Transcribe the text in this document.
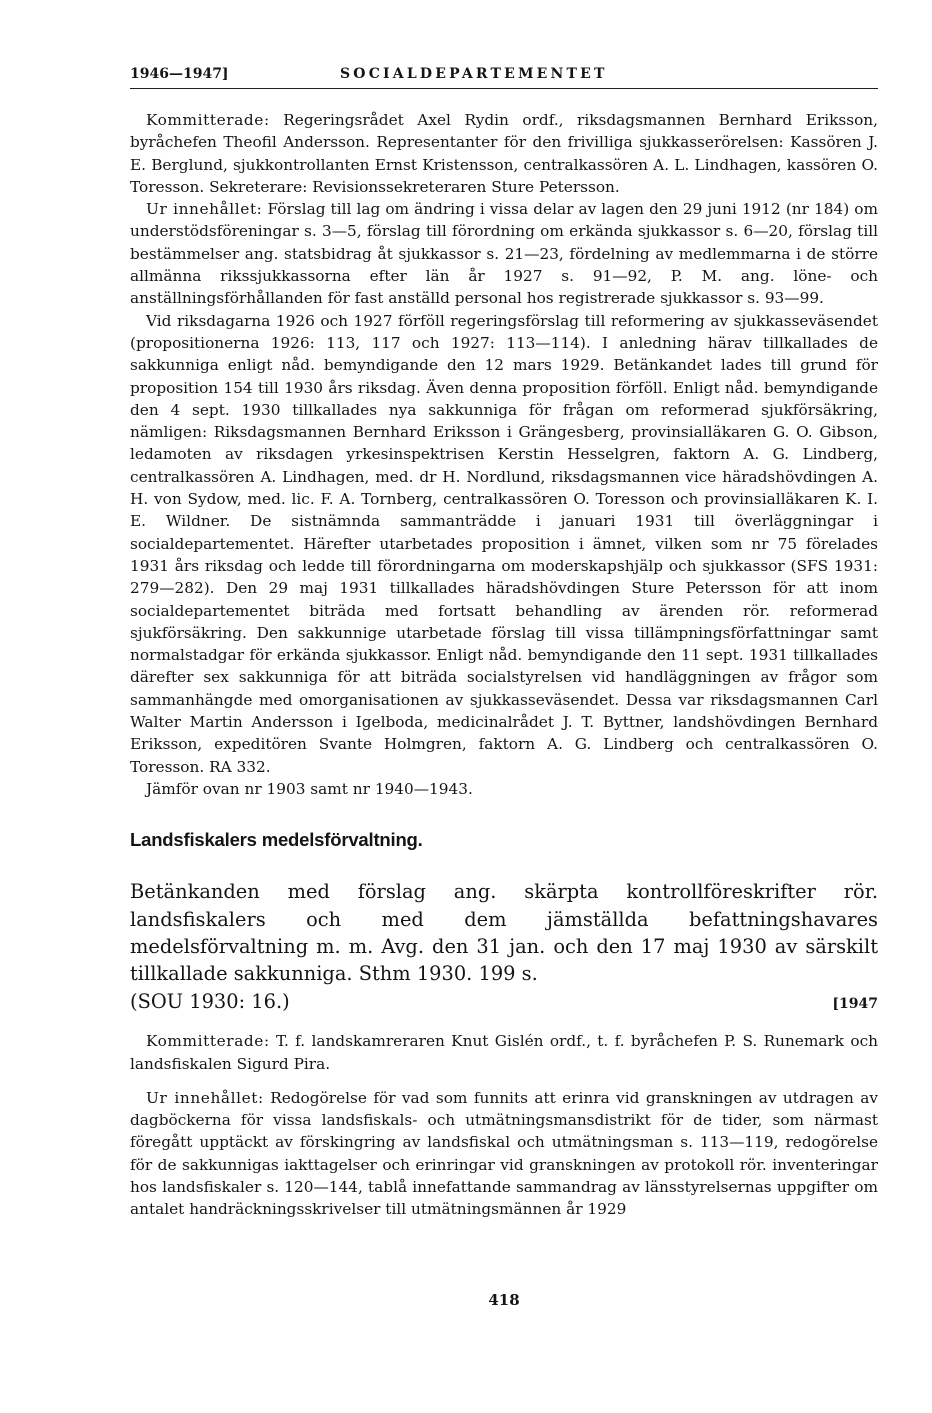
1946—1947]	SOCIALDEPARTEMENTET

Kommitterade: Regeringsrådet Axel Rydin ordf., riksdagsmannen Bernhard Eriksson, byråchefen Theofil Andersson. Representanter för den frivilliga sjukkasserörelsen: Kassören J. E. Berglund, sjukkontrollanten Ernst Kristensson, centralkassören A. L. Lindhagen, kassören O. Toresson. Sekreterare: Revisionssekreteraren Sture Petersson.

Ur innehållet: Förslag till lag om ändring i vissa delar av lagen den 29 juni 1912 (nr 184) om understödsföreningar s. 3—5, förslag till förordning om erkända sjukkassor s. 6—20, förslag till bestämmelser ang. statsbidrag åt sjukkassor s. 21—23, fördelning av medlemmarna i de större allmänna rikssjukkassorna efter län år 1927 s. 91—92, P. M. ang. löne- och anställningsförhållanden för fast anställd personal hos registrerade sjukkassor s. 93—99.

Vid riksdagarna 1926 och 1927 förföll regeringsförslag till reformering av sjukkasseväsendet (propositionerna 1926: 113, 117 och 1927: 113—114). I anledning härav tillkallades de sakkunniga enligt nåd. bemyndigande den 12 mars 1929. Betänkandet lades till grund för proposition 154 till 1930 års riksdag. Även denna proposition förföll. Enligt nåd. bemyndigande den 4 sept. 1930 tillkallades nya sakkunniga för frågan om reformerad sjukförsäkring, nämligen: Riksdagsmannen Bernhard Eriksson i Grängesberg, provinsialläkaren G. O. Gibson, ledamoten av riksdagen yrkesinspektrisen Kerstin Hesselgren, faktorn A. G. Lindberg, centralkassören A. Lindhagen, med. dr H. Nordlund, riksdagsmannen vice häradshövdingen A. H. von Sydow, med. lic. F. A. Tornberg, centralkassören O. Toresson och provinsialläkaren K. I. E. Wildner. De sistnämnda sammanträdde i januari 1931 till överläggningar i socialdepartementet. Härefter utarbetades proposition i ämnet, vilken som nr 75 förelades 1931 års riksdag och ledde till förordningarna om moderskapshjälp och sjukkassor (SFS 1931: 279—282). Den 29 maj 1931 tillkallades häradshövdingen Sture Petersson för att inom socialdepartementet biträda med fortsatt behandling av ärenden rör. reformerad sjukförsäkring. Den sakkunnige utarbetade förslag till vissa tillämpningsförfattningar samt normalstadgar för erkända sjukkassor. Enligt nåd. bemyndigande den 11 sept. 1931 tillkallades därefter sex sakkunniga för att biträda socialstyrelsen vid handläggningen av frågor som sammanhängde med omorganisationen av sjukkasseväsendet. Dessa var riksdagsmannen Carl Walter Martin Andersson i Igelboda, medicinalrådet J. T. Byttner, landshövdingen Bernhard Eriksson, expeditören Svante Holmgren, faktorn A. G. Lindberg och centralkassören O. Toresson. RA 332.

Jämför ovan nr 1903 samt nr 1940—1943.

Landsfiskalers medelsförvaltning.
Betänkanden med förslag ang. skärpta kontrollföreskrifter rör. landsfiskalers och med dem jämställda befattningshavares medelsförvaltning m. m. Avg. den 31 jan. och den 17 maj 1930 av särskilt tillkallade sakkunniga. Sthm 1930. 199 s.
(SOU 1930: 16.)	[1947

Kommitterade: T. f. landskamreraren Knut Gislén ordf., t. f. byråchefen P. S. Runemark och landsfiskalen Sigurd Pira.

Ur innehållet: Redogörelse för vad som funnits att erinra vid granskningen av utdragen av dagböckerna för vissa landsfiskals- och utmätningsmansdistrikt för de tider, som närmast föregått upptäckt av förskingring av landsfiskal och utmätningsman s. 113—119, redogörelse för de sakkunnigas iakttagelser och erinringar vid granskningen av protokoll rör. inventeringar hos landsfiskaler s. 120—144, tablå innefattande sammandrag av länsstyrelsernas uppgifter om antalet handräckningsskrivelser till utmätningsmännen år 1929

418
